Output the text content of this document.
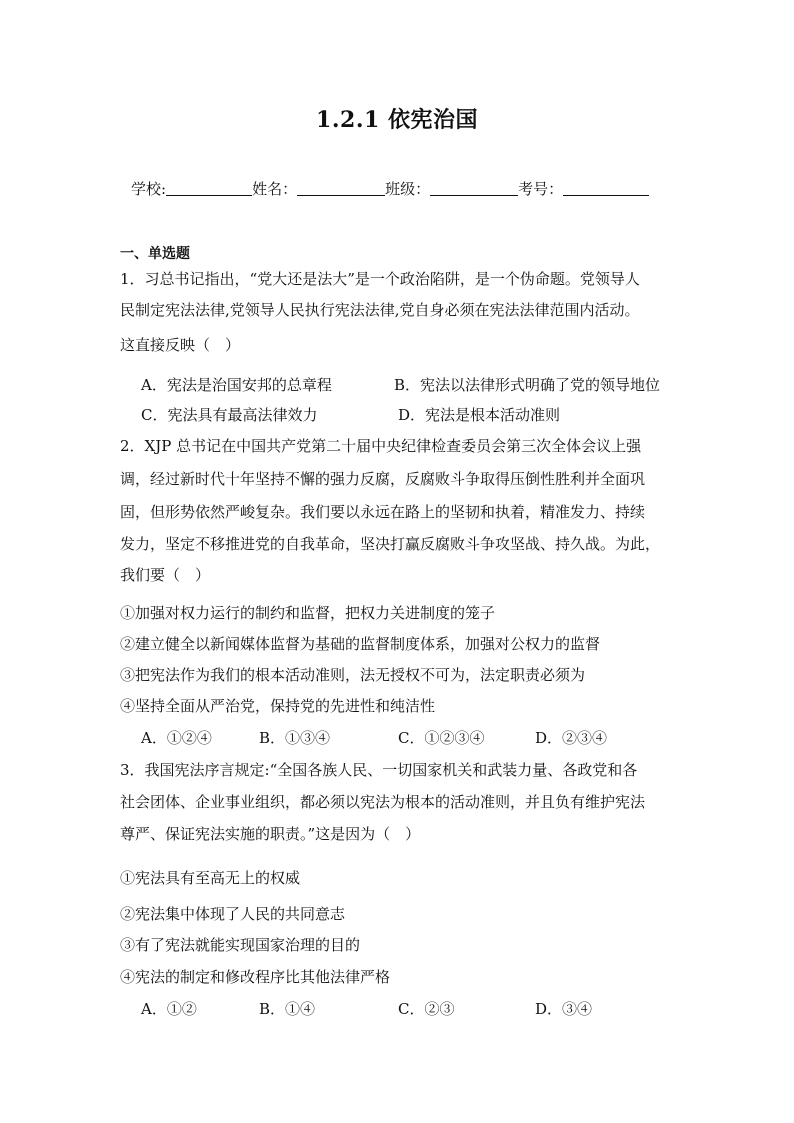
1.2.1 依宪治国
学校:	姓名：	班级：	考号：
一、单选题
1．习总书记指出，“党大还是法大”是一个政治陷阱，是一个伪命题。党领导人
民制定宪法法律,党领导人民执行宪法法律,党自身必须在宪法法律范围内活动。
这直接反映（　）
A．宪法是治国安邦的总章程	B．宪法以法律形式明确了党的领导地位
C．宪法具有最高法律效力	D．宪法是根本活动准则
2．XJP 总书记在中国共产党第二十届中央纪律检查委员会第三次全体会议上强
调，经过新时代十年坚持不懈的强力反腐，反腐败斗争取得压倒性胜利并全面巩
固，但形势依然严峻复杂。我们要以永远在路上的坚韧和执着，精准发力、持续
发力，坚定不移推进党的自我革命，坚决打赢反腐败斗争攻坚战、持久战。为此，
我们要（　）
①加强对权力运行的制约和监督，把权力关进制度的笼子
②建立健全以新闻媒体监督为基础的监督制度体系，加强对公权力的监督
③把宪法作为我们的根本活动准则，法无授权不可为，法定职责必须为
④坚持全面从严治党，保持党的先进性和纯洁性
A．①②④	B．①③④	C．①②③④	D．②③④
3．我国宪法序言规定:“全国各族人民、一切国家机关和武装力量、各政党和各
社会团体、企业事业组织，都必须以宪法为根本的活动准则，并且负有维护宪法
尊严、保证宪法实施的职责。”这是因为（　）
①宪法具有至高无上的权威
②宪法集中体现了人民的共同意志
③有了宪法就能实现国家治理的目的
④宪法的制定和修改程序比其他法律严格
A．①②	B．①④	C．②③	D．③④
